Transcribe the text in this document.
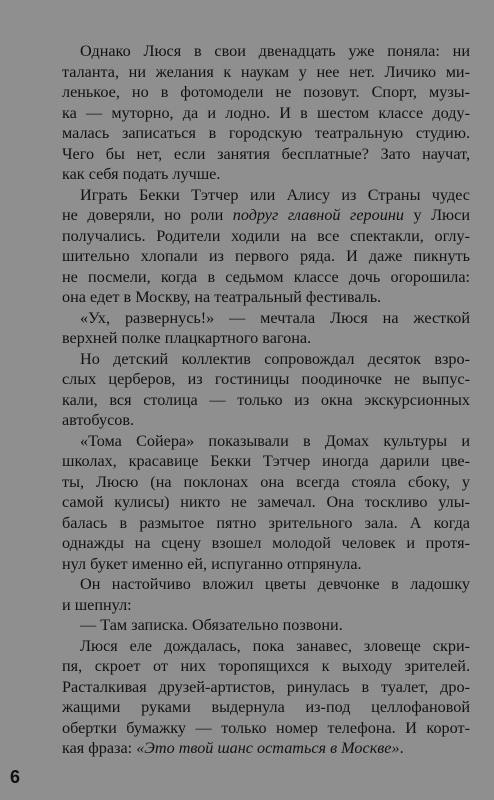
Однако Люся в свои двенадцать уже поняла: ни
таланта, ни желания к наукам у нее нет. Личико ми-
ленькое, но в фотомодели не позовут. Спорт, музы-
ка — муторно, да и лодно. И в шестом классе доду-
малась записаться в городскую театральную студию.
Чего бы нет, если занятия бесплатные? Зато научат,
как себя подать лучше.
Играть Бекки Тэтчер или Алису из Страны чудес
не доверяли, но роли подруг главной героини у Люси
получались. Родители ходили на все спектакли, оглу-
шительно хлопали из первого ряда. И даже пикнуть
не посмели, когда в седьмом классе дочь огорошила:
она едет в Москву, на театральный фестиваль.
«Ух, развернусь!» — мечтала Люся на жесткой
верхней полке плацкартного вагона.
Но детский коллектив сопровождал десяток взро-
слых церберов, из гостиницы поодиночке не выпус-
кали, вся столица — только из окна экскурсионных
автобусов.
«Тома Сойера» показывали в Домах культуры и
школах, красавице Бекки Тэтчер иногда дарили цве-
ты, Люсю (на поклонах она всегда стояла сбоку, у
самой кулисы) никто не замечал. Она тоскливо улы-
балась в размытое пятно зрительного зала. А когда
однажды на сцену взошел молодой человек и протя-
нул букет именно ей, испуганно отпрянула.
Он настойчиво вложил цветы девчонке в ладошку
и шепнул:
— Там записка. Обязательно позвони.
Люся еле дождалась, пока занавес, зловеще скри-
пя, скроет от них торопящихся к выходу зрителей.
Расталкивая друзей-артистов, ринулась в туалет, дро-
жащими руками выдернула из-под целлофановой
обертки бумажку — только номер телефона. И корот-
кая фраза: «Это твой шанс остаться в Москве».
6
